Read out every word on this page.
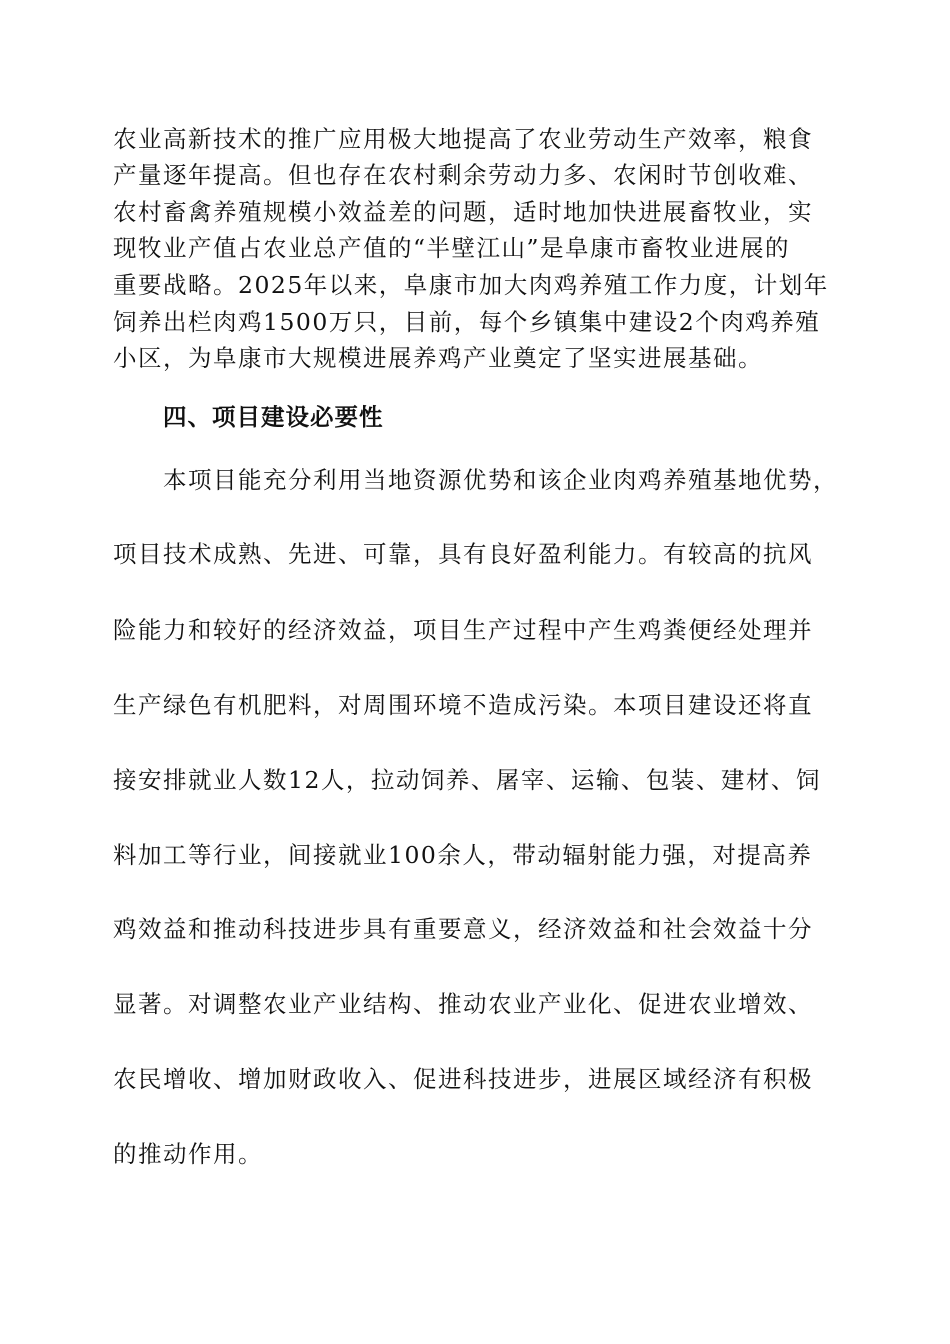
农业高新技术的推广应用极大地提高了农业劳动生产效率，粮食
产量逐年提高。但也存在农村剩余劳动力多、农闲时节创收难、
农村畜禽养殖规模小效益差的问题，适时地加快进展畜牧业，实
现牧业产值占农业总产值的“半壁江山”是阜康市畜牧业进展的
重要战略。2025年以来，阜康市加大肉鸡养殖工作力度，计划年
饲养出栏肉鸡1500万只，目前，每个乡镇集中建设2个肉鸡养殖
小区，为阜康市大规模进展养鸡产业奠定了坚实进展基础。
四、项目建设必要性
本项目能充分利用当地资源优势和该企业肉鸡养殖基地优势，
项目技术成熟、先进、可靠，具有良好盈利能力。有较高的抗风
险能力和较好的经济效益，项目生产过程中产生鸡粪便经处理并
生产绿色有机肥料，对周围环境不造成污染。本项目建设还将直
接安排就业人数12人，拉动饲养、屠宰、运输、包装、建材、饲
料加工等行业，间接就业100余人，带动辐射能力强，对提高养
鸡效益和推动科技进步具有重要意义，经济效益和社会效益十分
显著。对调整农业产业结构、推动农业产业化、促进农业增效、
农民增收、增加财政收入、促进科技进步，进展区域经济有积极
的推动作用。
